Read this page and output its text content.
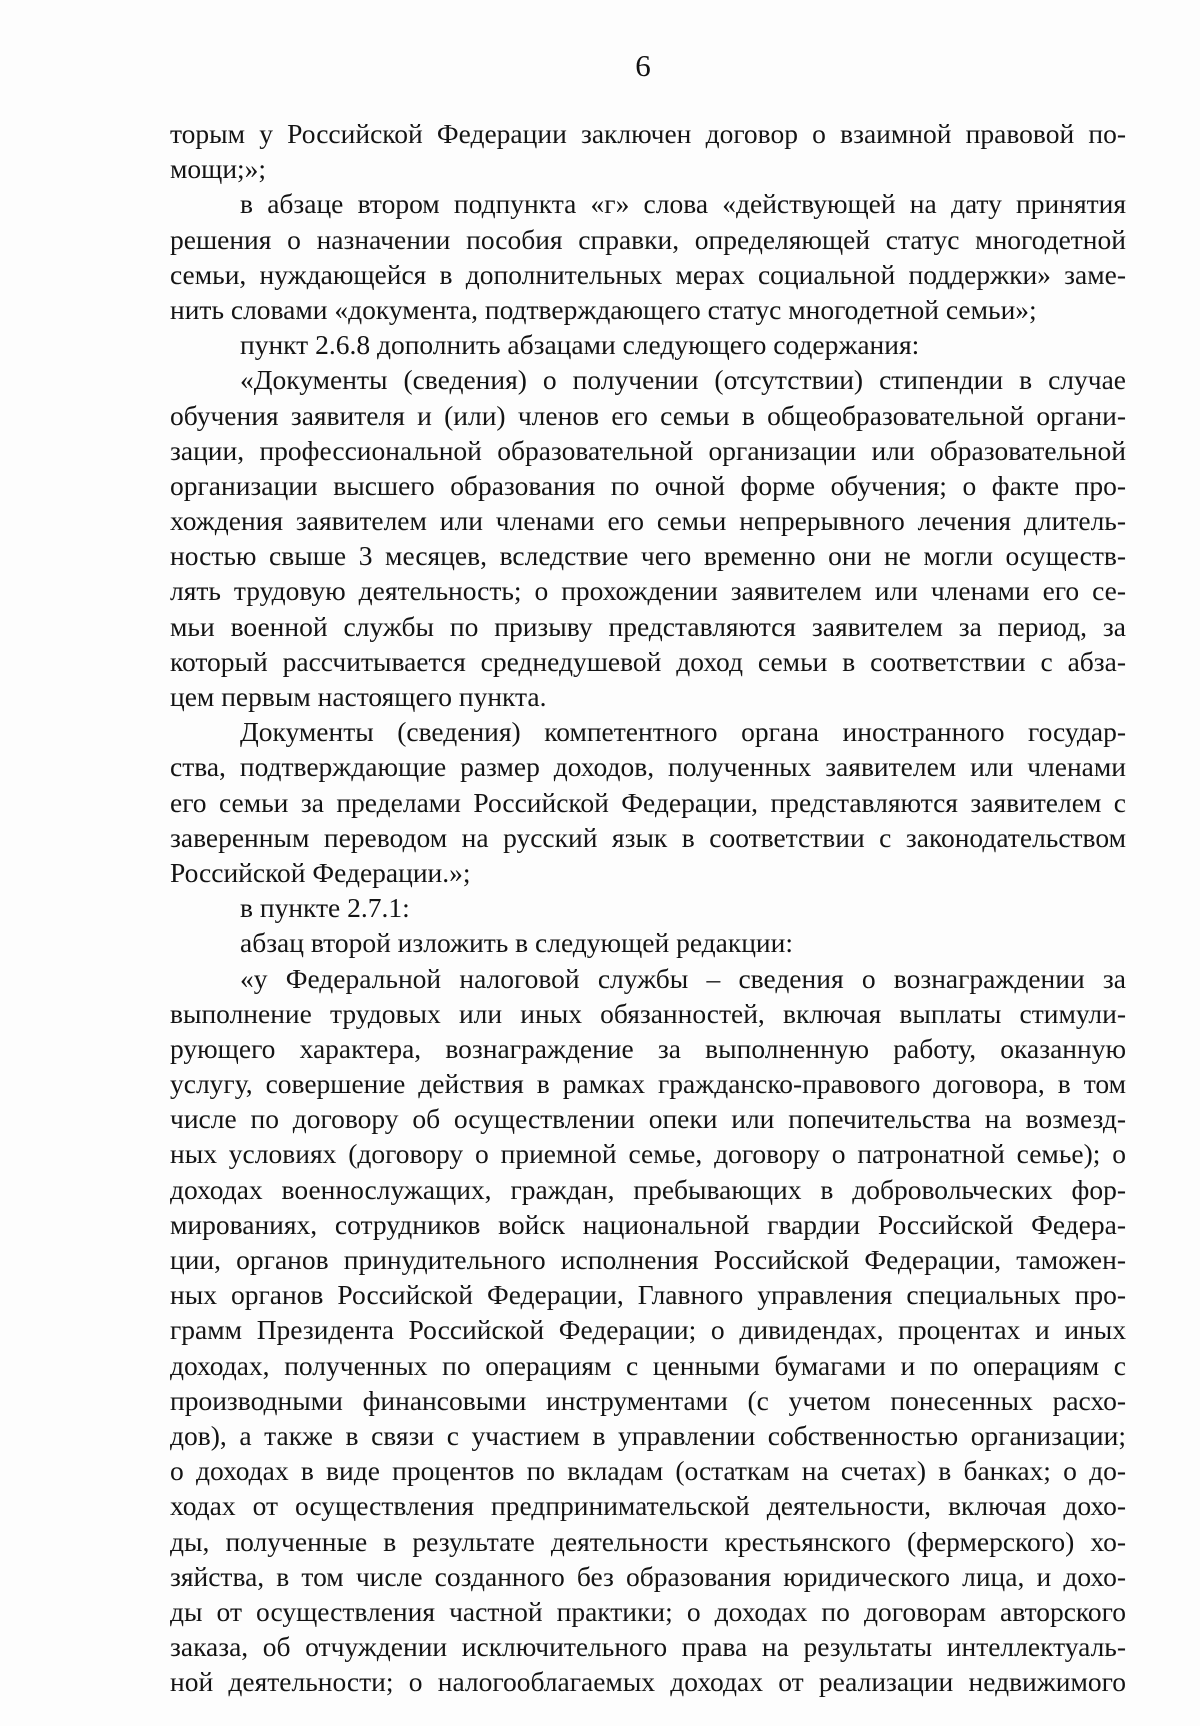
6
торым у Российской Федерации заключен договор о взаимной правовой по-
мощи;»;
в абзаце втором подпункта «г» слова «действующей на дату принятия
решения о назначении пособия справки, определяющей статус многодетной
семьи, нуждающейся в дополнительных мерах социальной поддержки» заме-
нить словами «документа, подтверждающего статус многодетной семьи»;
пункт 2.6.8 дополнить абзацами следующего содержания:
«Документы (сведения) о получении (отсутствии) стипендии в случае
обучения заявителя и (или) членов его семьи в общеобразовательной органи-
зации, профессиональной образовательной организации или образовательной
организации высшего образования по очной форме обучения; о факте про-
хождения заявителем или членами его семьи непрерывного лечения длитель-
ностью свыше 3 месяцев, вследствие чего временно они не могли осуществ-
лять трудовую деятельность; о прохождении заявителем или членами его се-
мьи военной службы по призыву представляются заявителем за период, за
который рассчитывается среднедушевой доход семьи в соответствии с абза-
цем первым настоящего пункта.
Документы (сведения) компетентного органа иностранного государ-
ства, подтверждающие размер доходов, полученных заявителем или членами
его семьи за пределами Российской Федерации, представляются заявителем с
заверенным переводом на русский язык в соответствии с законодательством
Российской Федерации.»;
в пункте 2.7.1:
абзац второй изложить в следующей редакции:
«у Федеральной налоговой службы – сведения о вознаграждении за
выполнение трудовых или иных обязанностей, включая выплаты стимули-
рующего характера, вознаграждение за выполненную работу, оказанную
услугу, совершение действия в рамках гражданско-правового договора, в том
числе по договору об осуществлении опеки или попечительства на возмезд-
ных условиях (договору о приемной семье, договору о патронатной семье); о
доходах военнослужащих, граждан, пребывающих в добровольческих фор-
мированиях, сотрудников войск национальной гвардии Российской Федера-
ции, органов принудительного исполнения Российской Федерации, таможен-
ных органов Российской Федерации, Главного управления специальных про-
грамм Президента Российской Федерации; о дивидендах, процентах и иных
доходах, полученных по операциям с ценными бумагами и по операциям с
производными финансовыми инструментами (с учетом понесенных расхо-
дов), а также в связи с участием в управлении собственностью организации;
о доходах в виде процентов по вкладам (остаткам на счетах) в банках; о до-
ходах от осуществления предпринимательской деятельности, включая дохо-
ды, полученные в результате деятельности крестьянского (фермерского) хо-
зяйства, в том числе созданного без образования юридического лица, и дохо-
ды от осуществления частной практики; о доходах по договорам авторского
заказа, об отчуждении исключительного права на результаты интеллектуаль-
ной деятельности; о налогооблагаемых доходах от реализации недвижимого
